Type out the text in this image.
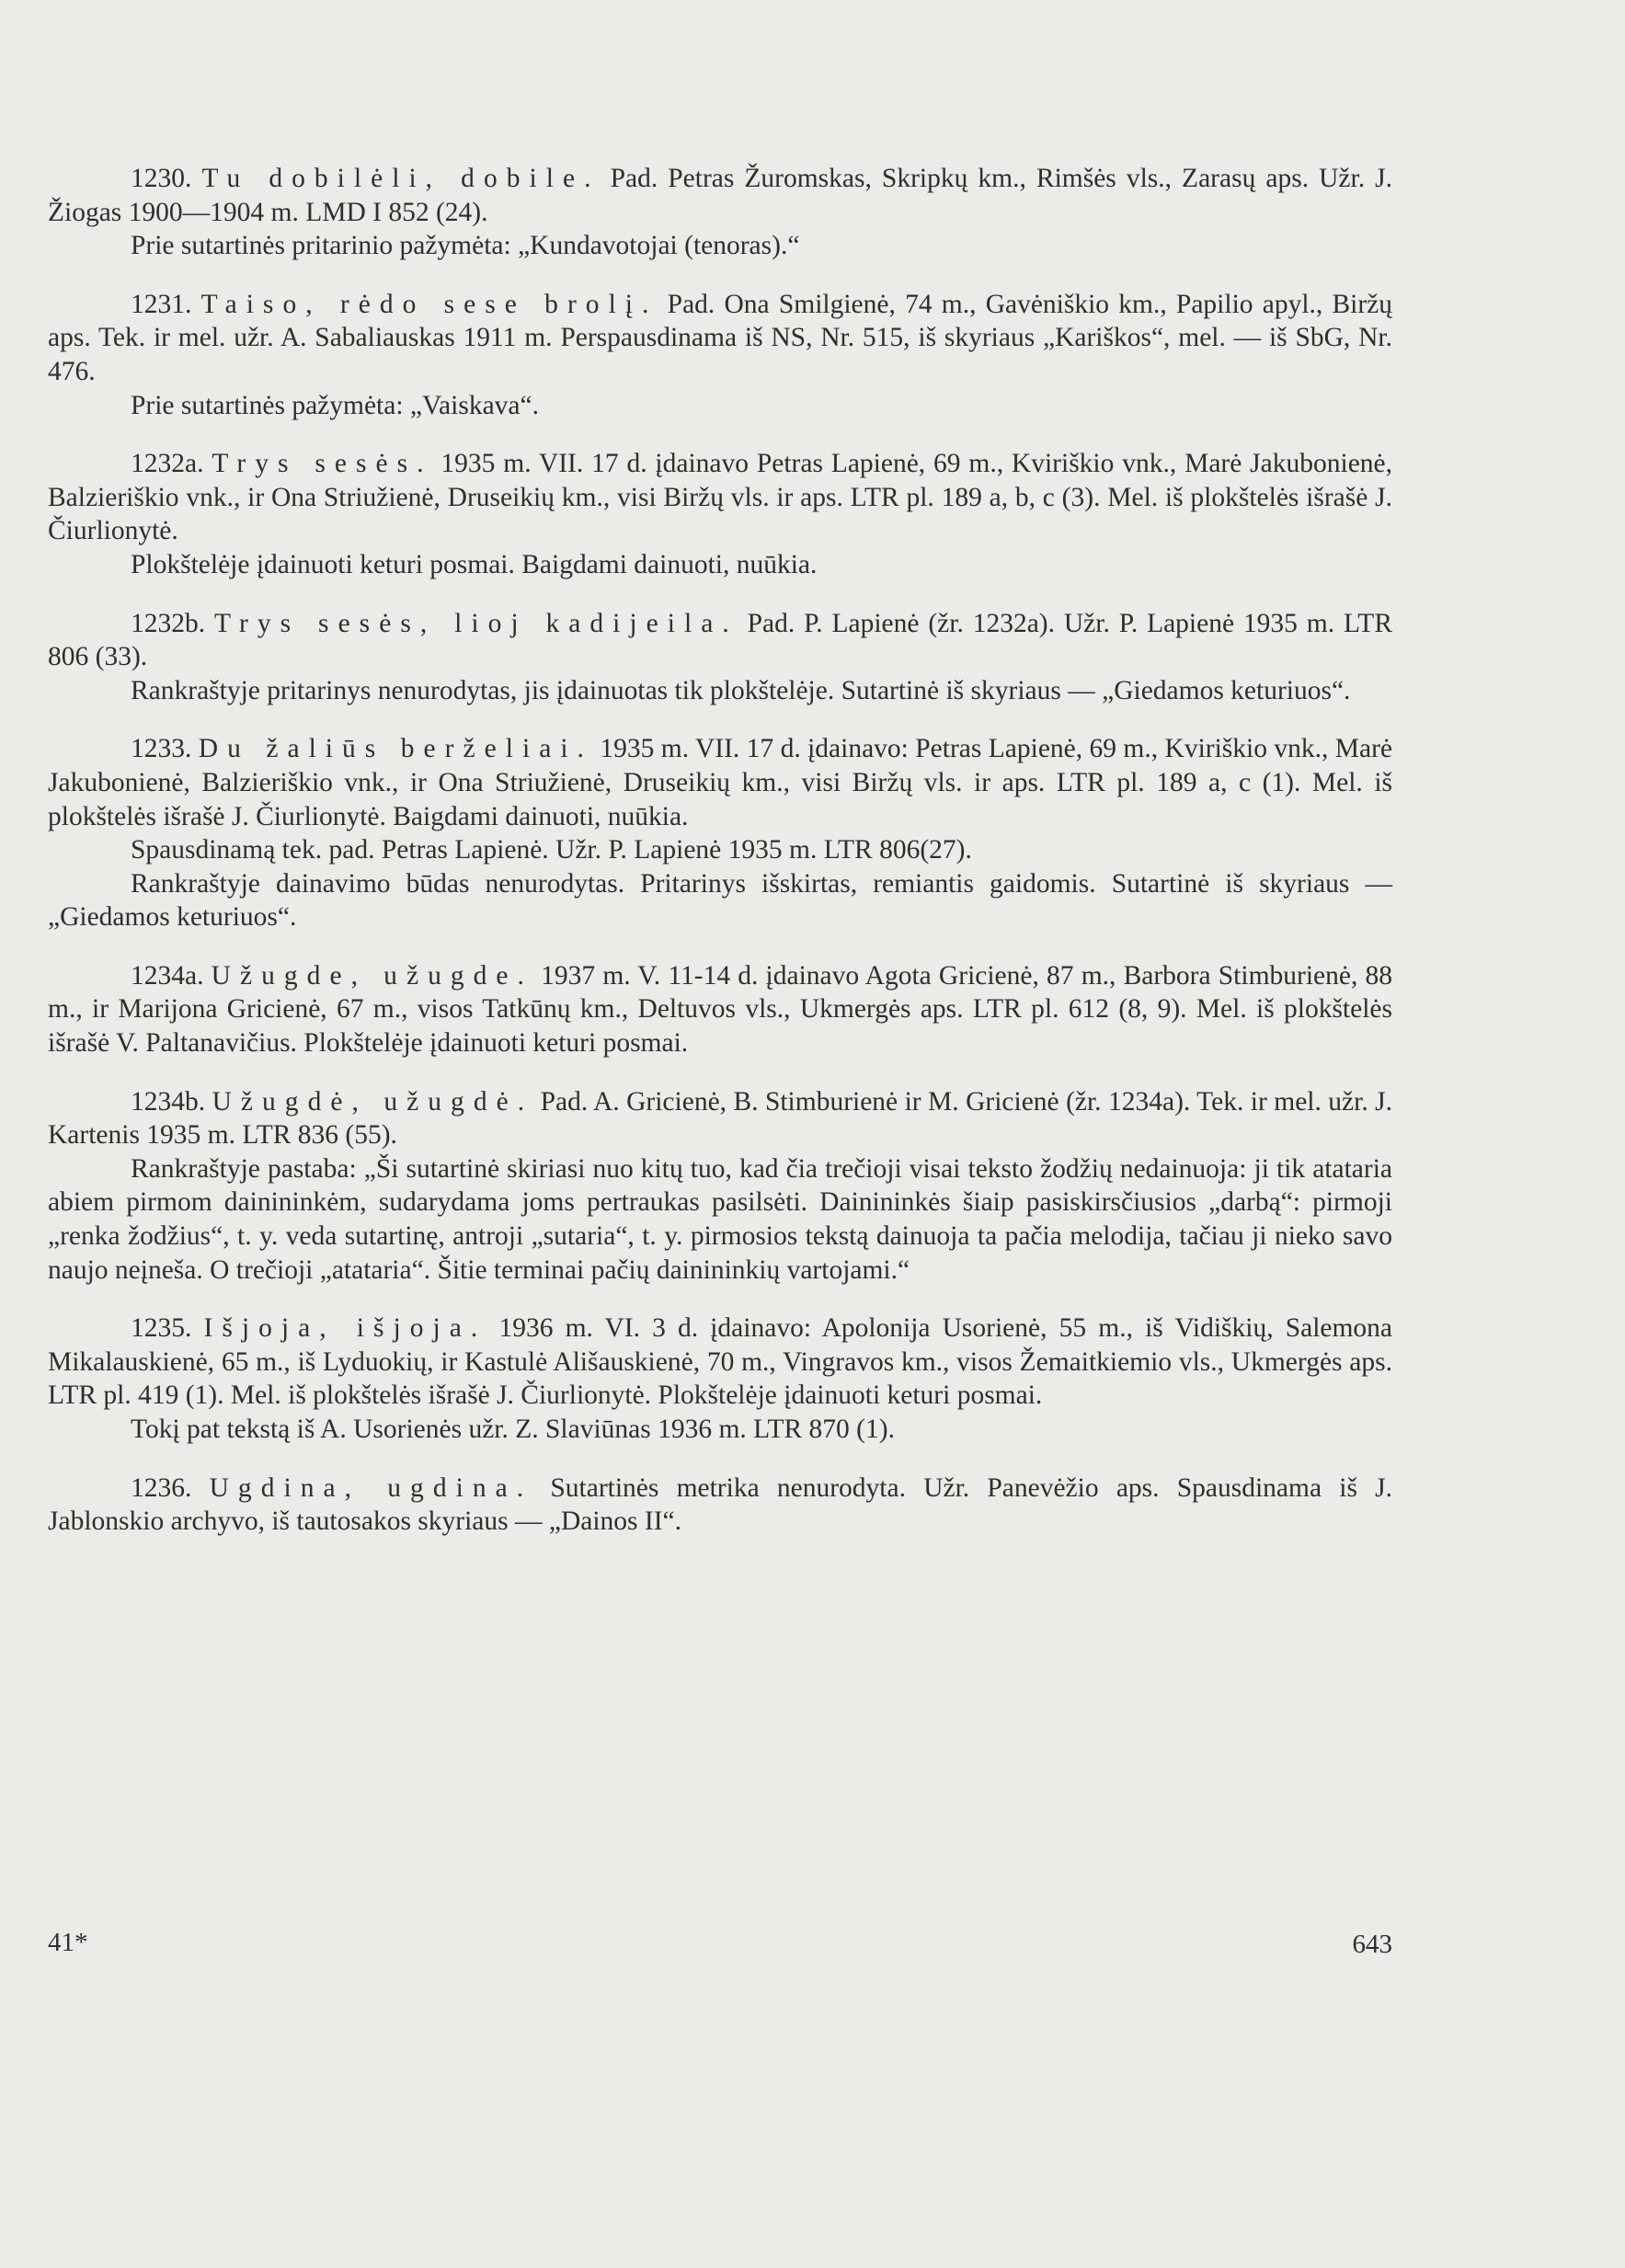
1230. Tu dobilėli, dobile. Pad. Petras Žuromskas, Skripkų km., Rimšės vls., Zarasų aps. Užr. J. Žiogas 1900—1904 m. LMD I 852 (24).

Prie sutartinės pritarinio pažymėta: „Kundavotojai (tenoras).“

1231. Taiso, rėdo sese brolį. Pad. Ona Smilgienė, 74 m., Gavėniškio km., Papilio apyl., Biržų aps. Tek. ir mel. užr. A. Sabaliauskas 1911 m. Perspausdinama iš NS, Nr. 515, iš skyriaus „Kariškos“, mel. — iš SbG, Nr. 476.

Prie sutartinės pažymėta: „Vaiskava“.

1232a. Trys sesės. 1935 m. VII. 17 d. įdainavo Petras Lapienė, 69 m., Kviriškio vnk., Marė Jakubonienė, Balzieriškio vnk., ir Ona Striužienė, Druseikių km., visi Biržų vls. ir aps. LTR pl. 189 a, b, c (3). Mel. iš plokštelės išrašė J. Čiurlionytė.

Plokštelėje įdainuoti keturi posmai. Baigdami dainuoti, nuūkia.

1232b. Trys sesės, lioj kadijeila. Pad. P. Lapienė (žr. 1232a). Užr. P. Lapienė 1935 m. LTR 806 (33).

Rankraštyje pritarinys nenurodytas, jis įdainuotas tik plokštelėje. Sutartinė iš skyriaus — „Giedamos keturiuos“.

1233. Du žaliūs berželiai. 1935 m. VII. 17 d. įdainavo: Petras Lapienė, 69 m., Kviriškio vnk., Marė Jakubonienė, Balzieriškio vnk., ir Ona Striužienė, Druseikių km., visi Biržų vls. ir aps. LTR pl. 189 a, c (1). Mel. iš plokštelės išrašė J. Čiurlionytė. Baigdami dainuoti, nuūkia.

Spausdinamą tek. pad. Petras Lapienė. Užr. P. Lapienė 1935 m. LTR 806(27).

Rankraštyje dainavimo būdas nenurodytas. Pritarinys išskirtas, remiantis gaidomis. Sutartinė iš skyriaus — „Giedamos keturiuos“.

1234a. Užugde, užugde. 1937 m. V. 11-14 d. įdainavo Agota Gricienė, 87 m., Barbora Stimburienė, 88 m., ir Marijona Gricienė, 67 m., visos Tatkūnų km., Deltuvos vls., Ukmergės aps. LTR pl. 612 (8, 9). Mel. iš plokštelės išrašė V. Paltanavičius. Plokštelėje įdainuoti keturi posmai.

1234b. Užugdė, užugdė. Pad. A. Gricienė, B. Stimburienė ir M. Gricienė (žr. 1234a). Tek. ir mel. užr. J. Kartenis 1935 m. LTR 836 (55).

Rankraštyje pastaba: „Ši sutartinė skiriasi nuo kitų tuo, kad čia trečioji visai teksto žodžių nedainuoja: ji tik atataria abiem pirmom dainininkėm, sudarydama joms pertraukas pasilsėti. Dainininkės šiaip pasiskirsčiusios „darbą“: pirmoji „renka žodžius“, t. y. veda sutartinę, antroji „sutaria“, t. y. pirmosios tekstą dainuoja ta pačia melodija, tačiau ji nieko savo naujo neįneša. O trečioji „atataria“. Šitie terminai pačių dainininkių vartojami.“

1235. Išjoja, išjoja. 1936 m. VI. 3 d. įdainavo: Apolonija Usorienė, 55 m., iš Vidiškių, Salemona Mikalauskienė, 65 m., iš Lyduokių, ir Kastulė Ališauskienė, 70 m., Vingravos km., visos Žemaitkiemio vls., Ukmergės aps. LTR pl. 419 (1). Mel. iš plokštelės išrašė J. Čiurlionytė. Plokštelėje įdainuoti keturi posmai.

Tokį pat tekstą iš A. Usorienės užr. Z. Slaviūnas 1936 m. LTR 870 (1).

1236. Ugdina, ugdina. Sutartinės metrika nenurodyta. Užr. Panevėžio aps. Spausdinama iš J. Jablonskio archyvo, iš tautosakos skyriaus — „Dainos II“.

41*	643
